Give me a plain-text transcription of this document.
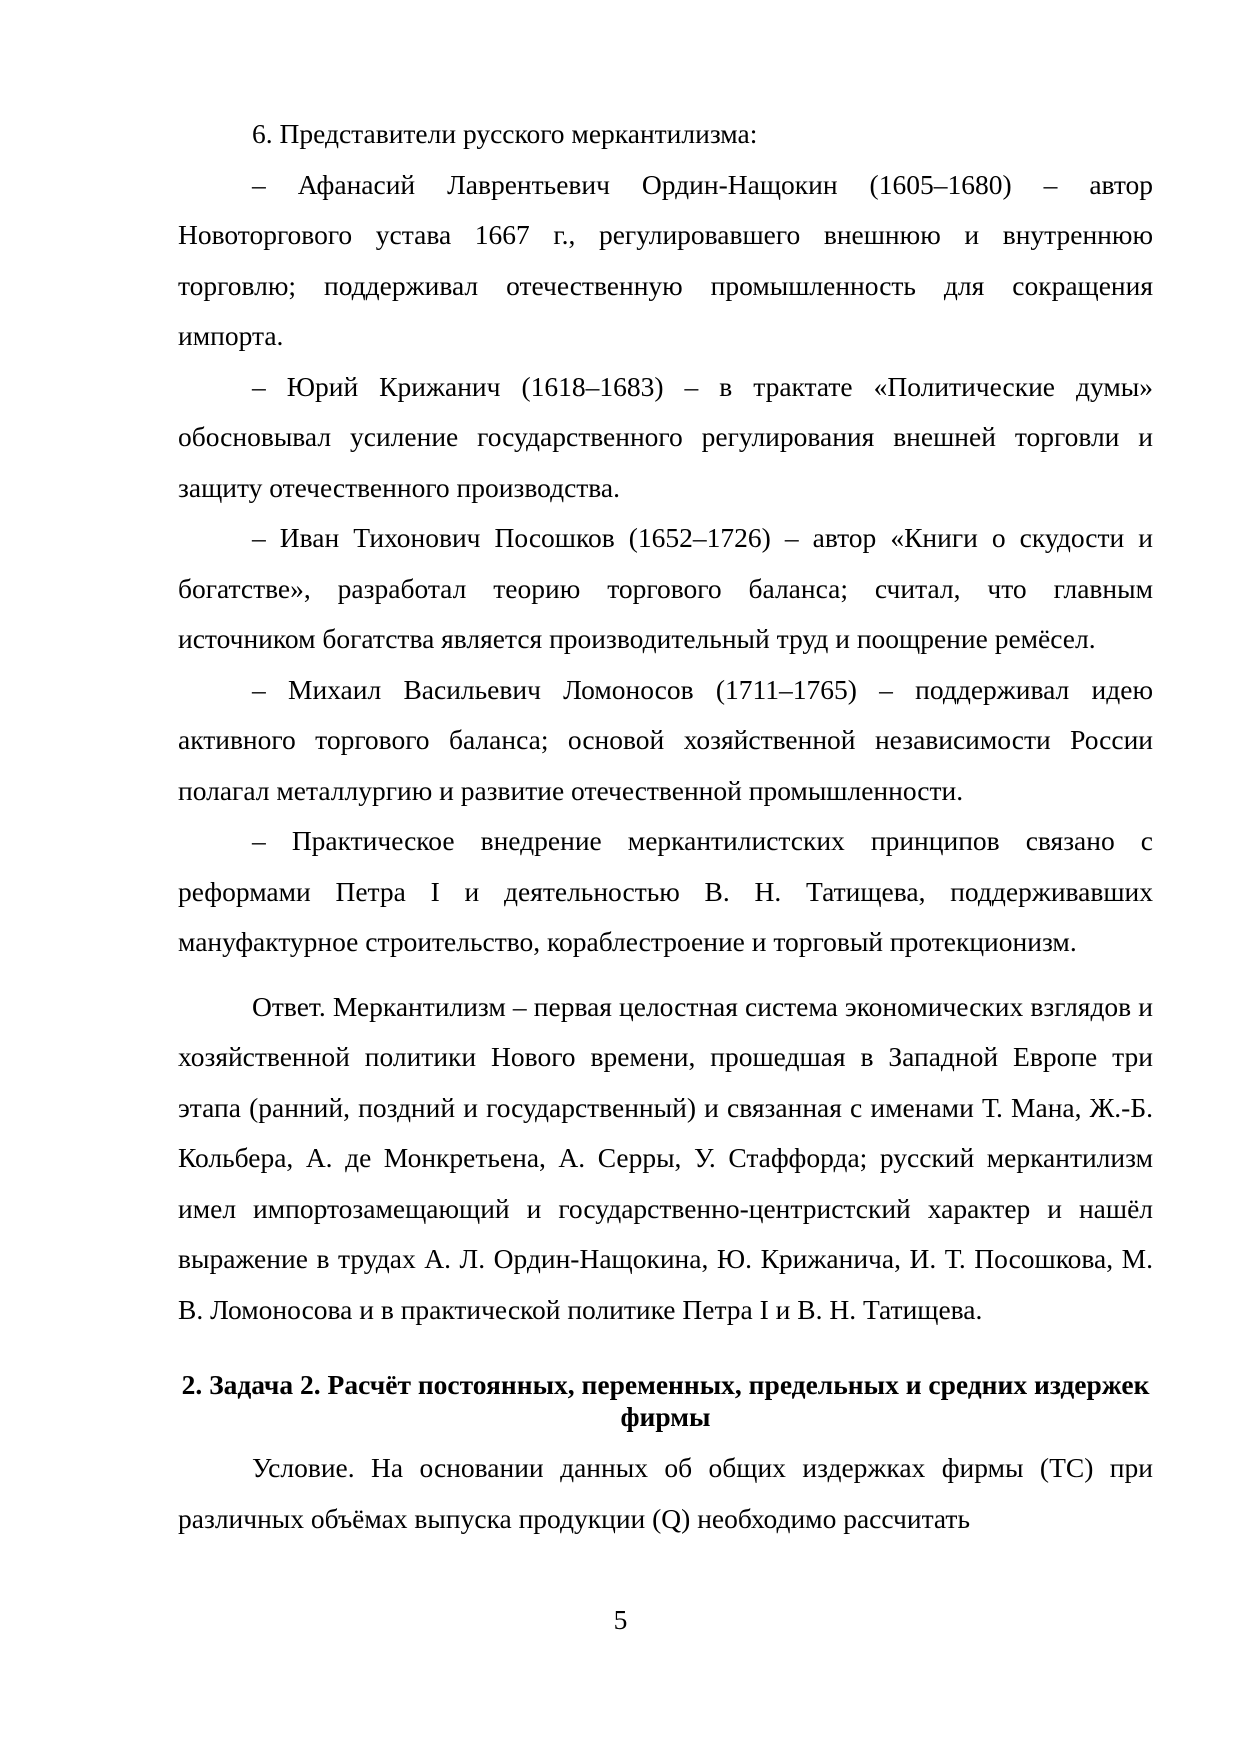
6. Представители русского меркантилизма:

– Афанасий Лаврентьевич Ордин-Нащокин (1605–1680) – автор Новоторгового устава 1667 г., регулировавшего внешнюю и внутреннюю торговлю; поддерживал отечественную промышленность для сокращения импорта.

– Юрий Крижанич (1618–1683) – в трактате «Политические думы» обосновывал усиление государственного регулирования внешней торговли и защиту отечественного производства.

– Иван Тихонович Посошков (1652–1726) – автор «Книги о скудости и богатстве», разработал теорию торгового баланса; считал, что главным источником богатства является производительный труд и поощрение ремёсел.

– Михаил Васильевич Ломоносов (1711–1765) – поддерживал идею активного торгового баланса; основой хозяйственной независимости России полагал металлургию и развитие отечественной промышленности.

– Практическое внедрение меркантилистских принципов связано с реформами Петра I и деятельностью В. Н. Татищева, поддерживавших мануфактурное строительство, кораблестроение и торговый протекционизм.

Ответ. Меркантилизм – первая целостная система экономических взглядов и хозяйственной политики Нового времени, прошедшая в Западной Европе три этапа (ранний, поздний и государственный) и связанная с именами Т. Мана, Ж.-Б. Кольбера, А. де Монкретьена, А. Серры, У. Стаффорда; русский меркантилизм имел импортозамещающий и государственно-центристский характер и нашёл выражение в трудах А. Л. Ордин-Нащокина, Ю. Крижанича, И. Т. Посошкова, М. В. Ломоносова и в практической политике Петра I и В. Н. Татищева.

2. Задача 2. Расчёт постоянных, переменных, предельных и средних издержек фирмы

Условие. На основании данных об общих издержках фирмы (TC) при различных объёмах выпуска продукции (Q) необходимо рассчитать

5
